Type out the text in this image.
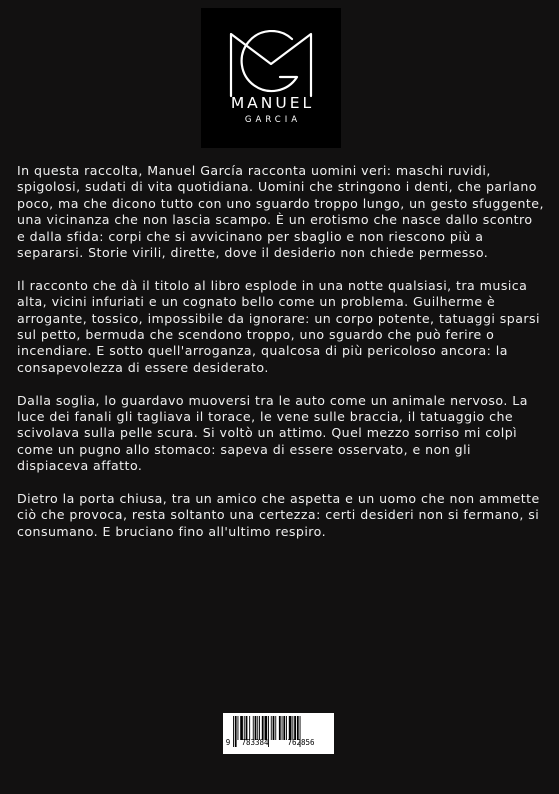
MANUEL
GARCIA

In questa raccolta, Manuel García racconta uomini veri: maschi ruvidi, spigolosi, sudati di vita quotidiana. Uomini che stringono i denti, che parlano poco, ma che dicono tutto con uno sguardo troppo lungo, un gesto sfuggente, una vicinanza che non lascia scampo. È un erotismo che nasce dallo scontro e dalla sfida: corpi che si avvicinano per sbaglio e non riescono più a separarsi. Storie virili, dirette, dove il desiderio non chiede permesso.

Il racconto che dà il titolo al libro esplode in una notte qualsiasi, tra musica alta, vicini infuriati e un cognato bello come un problema. Guilherme è arrogante, tossico, impossibile da ignorare: un corpo potente, tatuaggi sparsi sul petto, bermuda che scendono troppo, uno sguardo che può ferire o incendiare. E sotto quell'arroganza, qualcosa di più pericoloso ancora: la consapevolezza di essere desiderato.

Dalla soglia, lo guardavo muoversi tra le auto come un animale nervoso. La luce dei fanali gli tagliava il torace, le vene sulle braccia, il tatuaggio che scivolava sulla pelle scura. Si voltò un attimo. Quel mezzo sorriso mi colpì come un pugno allo stomaco: sapeva di essere osservato, e non gli dispiaceva affatto.

Dietro la porta chiusa, tra un amico che aspetta e un uomo che non ammette ciò che provoca, resta soltanto una certezza: certi desideri non si fermano, si consumano. E bruciano fino all'ultimo respiro.

9 783384	762856
